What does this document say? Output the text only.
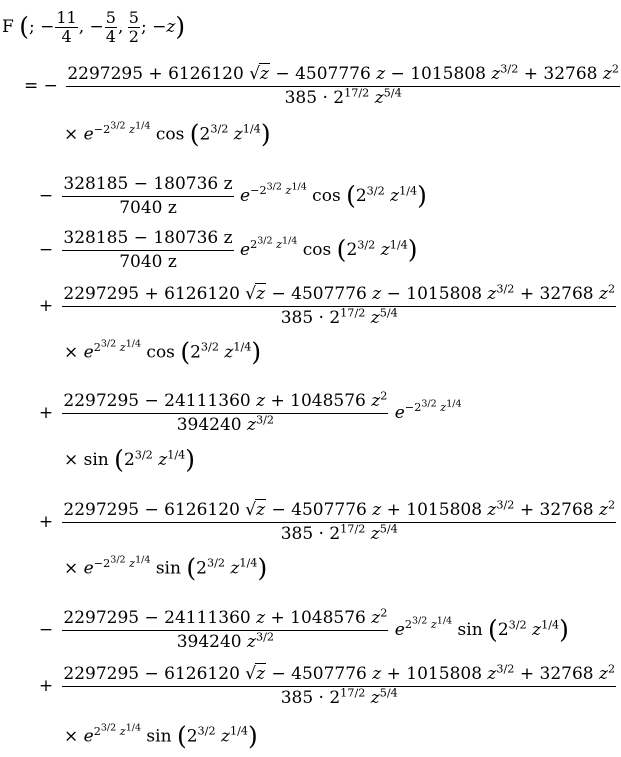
F (; − $\frac{11}{4}$ , − $\frac{5}{4}$ ,  $\frac{5}{2}$ ; −z)
= − $\frac{2297295 + 6126120 √z - 4507776 z - 1015808 z^{3/2} + 32768 z^2}{385 \cdot 2^{17/2} z^{5/4}}$
× $e^{-2^{3/2} z^{1/4}}$ $\cos (2^{3/2}$ $z^{1/4}$)
− $\frac{328185 - 180736 z}{7040 z} e^{-2^{3/2} z^{1/4}}$ $\cos (2^{3/2}$ $z^{1/4}$)
− $\frac{328185 - 180736 z}{7040 z} e^{2^{3/2} z^{1/4}}$ $\cos (2^{3/2}$ $z^{1/4}$)
+ $\frac{2297295 + 6126120 √z - 4507776 z - 1015808 z^{3/2} + 32768 z^2}{385 \cdot 2^{17/2} z^{5/4}}$
× $e^{2^{3/2} z^{1/4}}$ $\cos (2^{3/2}$ $z^{1/4}$)
+ $\frac{2297295 - 24111360 z + 1048576 z^2}{394240 z^{3/2}} e^{-2^{3/2} z^{1/4}}$
× $\sin (2^{3/2}$ $z^{1/4}$)
+ $\frac{2297295 - 6126120 √z - 4507776 z + 1015808 z^{3/2} + 32768 z^2}{385 \cdot 2^{17/2} z^{5/4}}$
× $e^{-2^{3/2} z^{1/4}}$ $\sin (2^{3/2}$ $z^{1/4}$)
− $\frac{2297295 - 24111360 z + 1048576 z^2}{394240 z^{3/2}} e^{2^{3/2} z^{1/4}}$ $\sin (2^{3/2}$ $z^{1/4}$)
+ $\frac{2297295 - 6126120 √z - 4507776 z + 1015808 z^{3/2} + 32768 z^2}{385 \cdot 2^{17/2} z^{5/4}}$
× $e^{2^{3/2} z^{1/4}}$ $\sin (2^{3/2}$ $z^{1/4}$)
